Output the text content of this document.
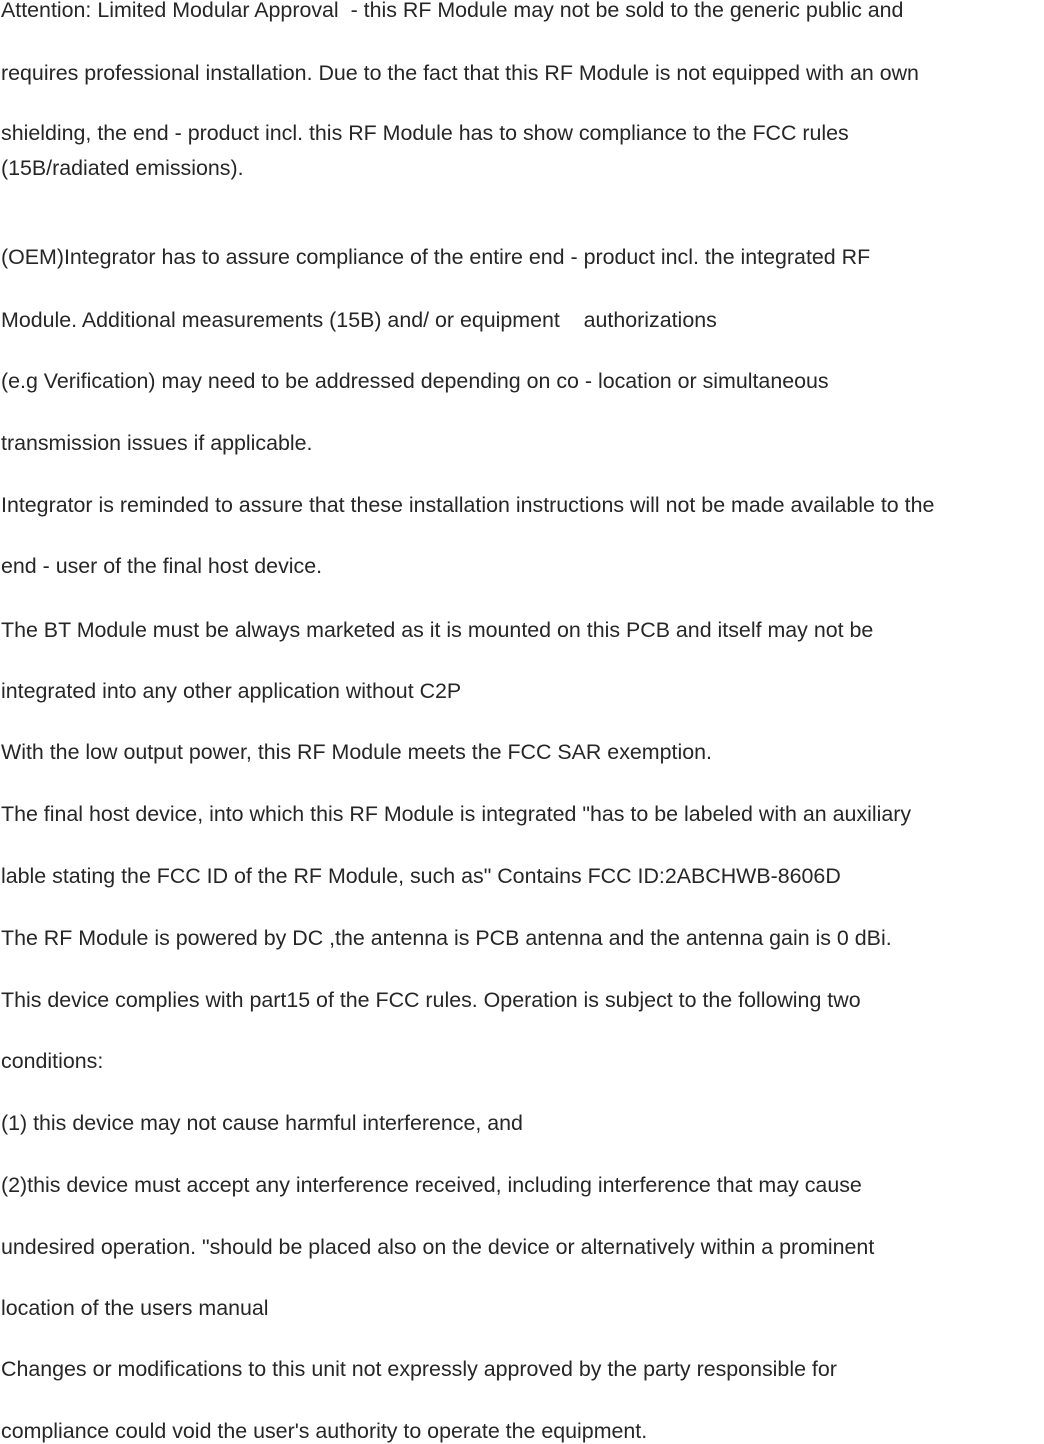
Attention: Limited Modular Approval  ‑ this RF Module may not be sold to the generic public and

requires professional installation. Due to the fact that this RF Module is not equipped with an own

shielding, the end ‑ product incl. this RF Module has to show compliance to the FCC rules

(15B/radiated emissions).

(OEM)Integrator has to assure compliance of the entire end ‑ product incl. the integrated RF

Module. Additional measurements (15B) and/ or equipment    authorizations

(e.g Verification) may need to be addressed depending on co ‑ location or simultaneous

transmission issues if applicable.

Integrator is reminded to assure that these installation instructions will not be made available to the

end ‑ user of the final host device.

The BT Module must be always marketed as it is mounted on this PCB and itself may not be

integrated into any other application without C2P

With the low output power, this RF Module meets the FCC SAR exemption.

The final host device, into which this RF Module is integrated "has to be labeled with an auxiliary

lable stating the FCC ID of the RF Module, such as" Contains FCC ID:2ABCHWB-8606D

The RF Module is powered by DC ,the antenna is PCB antenna and the antenna gain is 0 dBi.

This device complies with part15 of the FCC rules. Operation is subject to the following two

conditions:

(1) this device may not cause harmful interference, and

(2)this device must accept any interference received, including interference that may cause

undesired operation. "should be placed also on the device or alternatively within a prominent

location of the users manual

Changes or modifications to this unit not expressly approved by the party responsible for

compliance could void the user's authority to operate the equipment.
